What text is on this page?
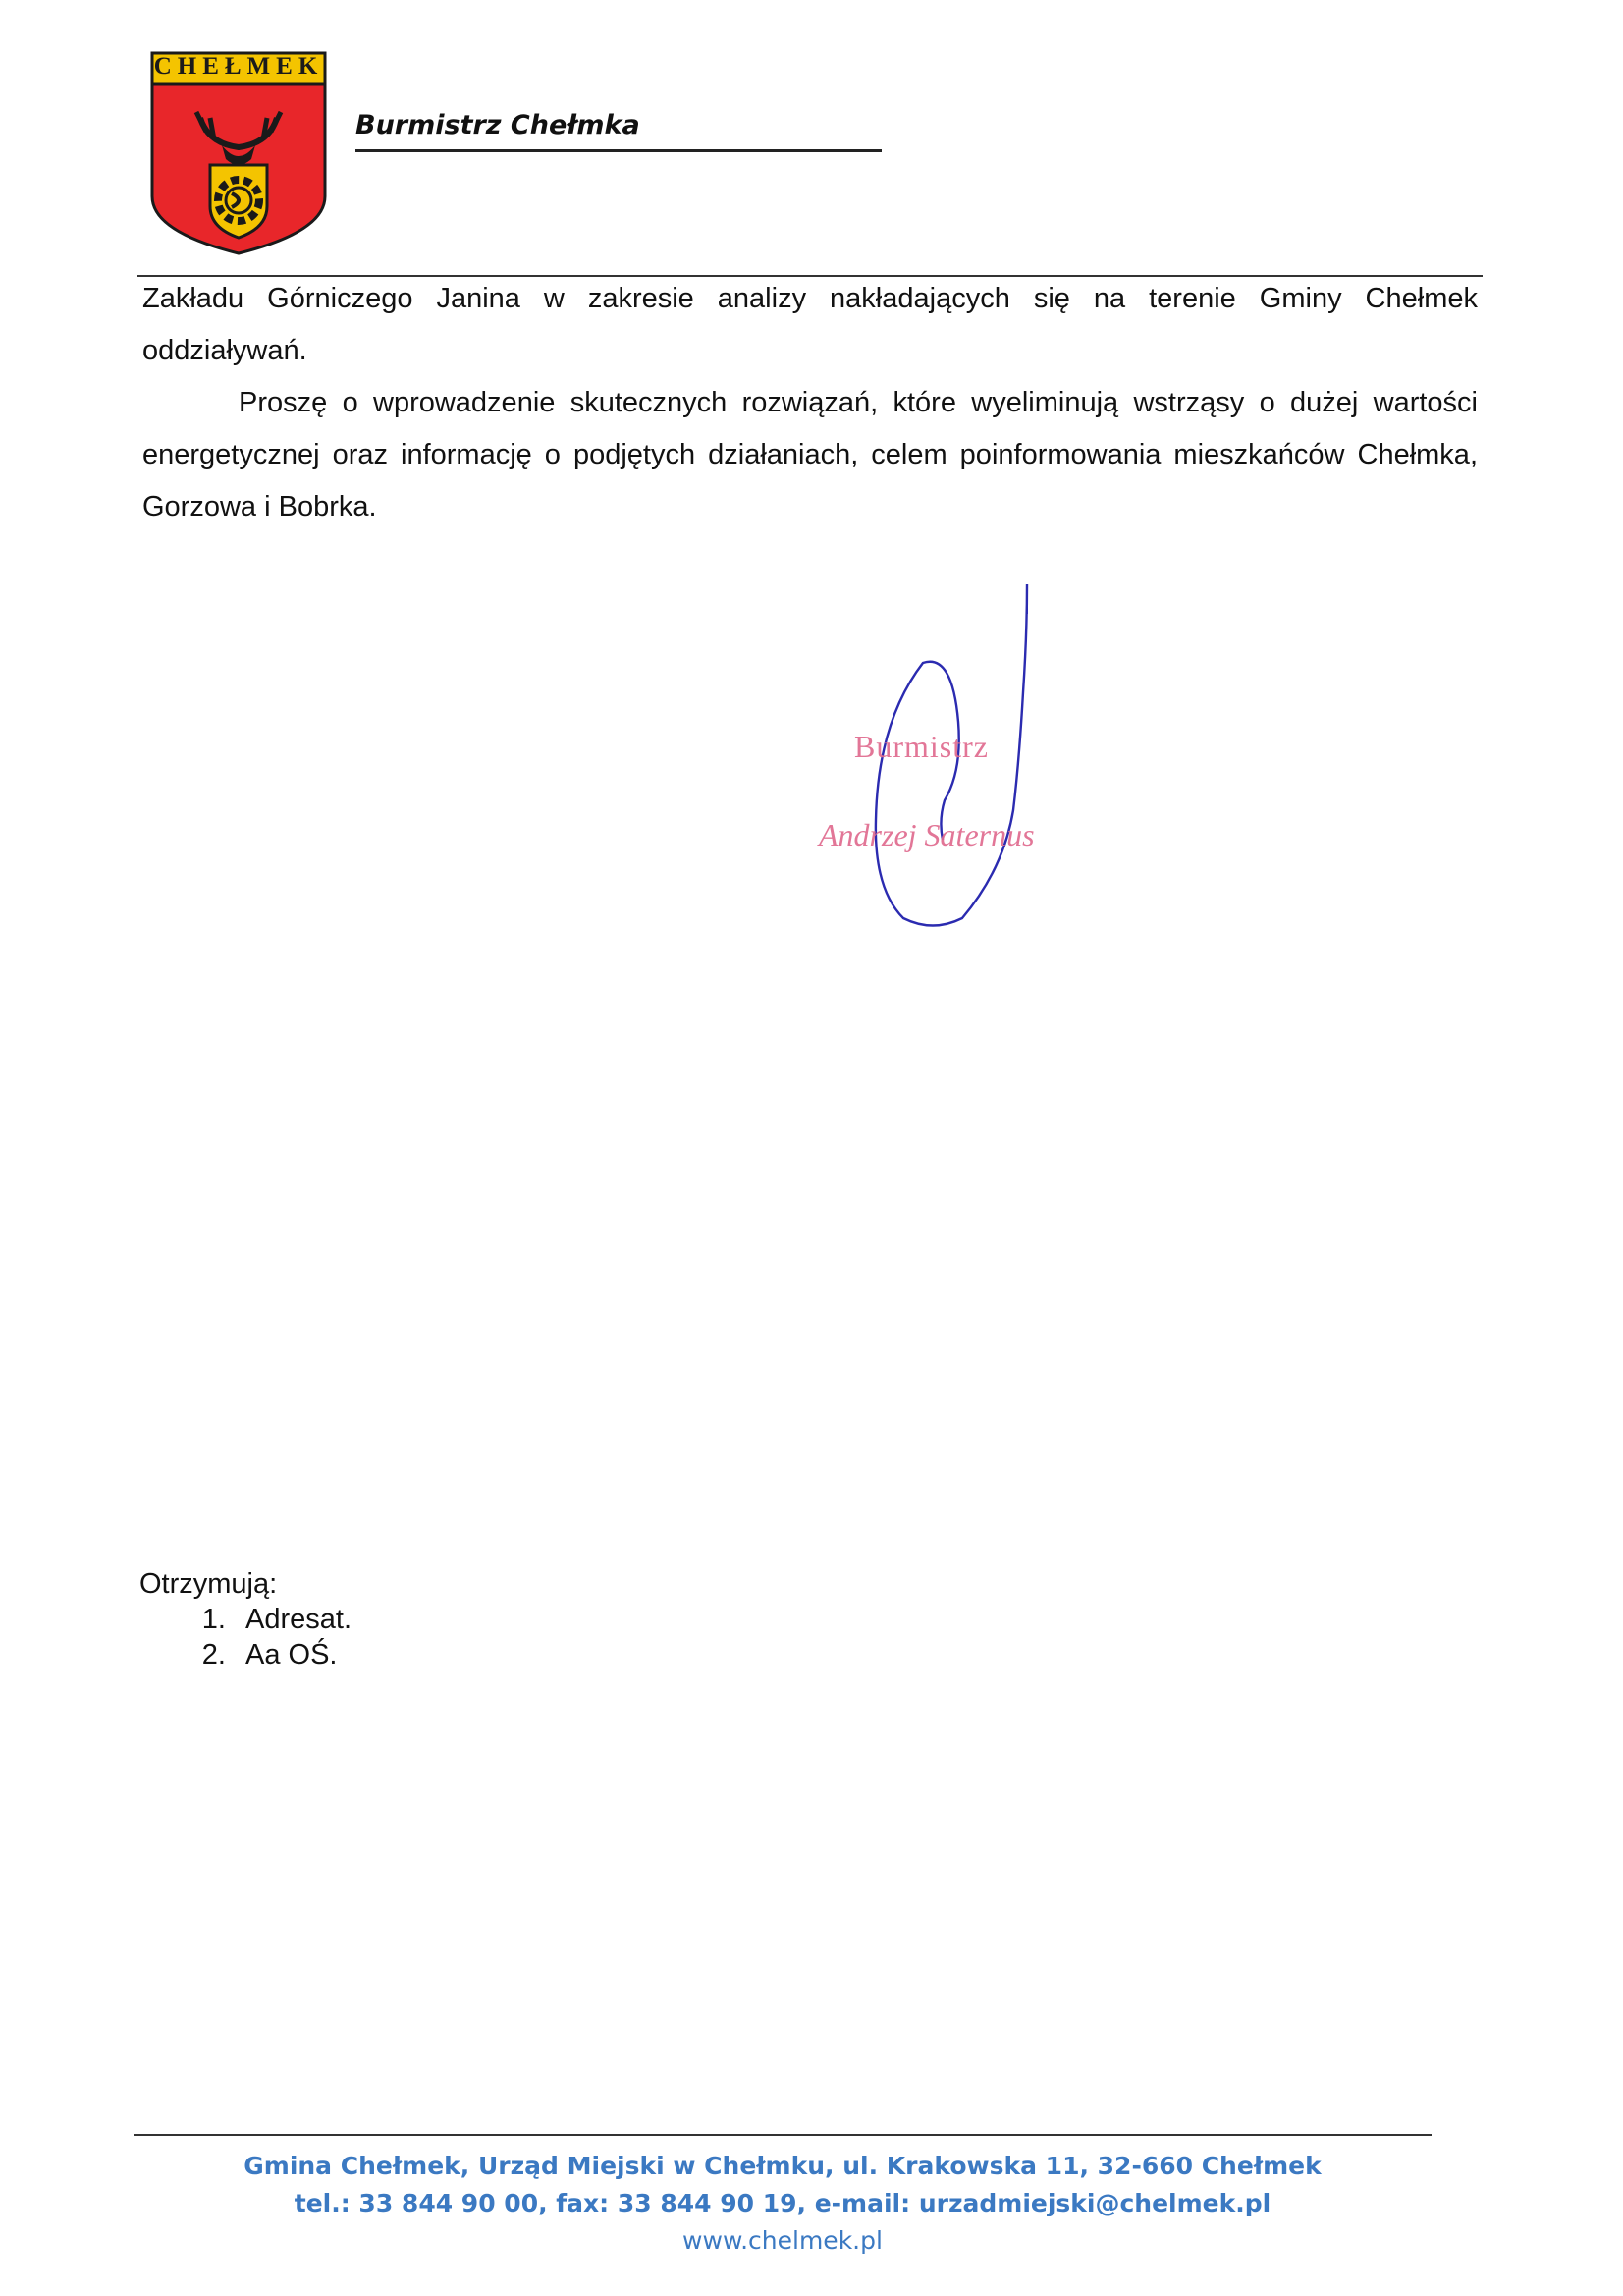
CHEŁMEK
Burmistrz Chełmka

Zakładu Górniczego Janina w zakresie analizy nakładających się na terenie Gminy Chełmek oddziaływań.

Proszę o wprowadzenie skutecznych rozwiązań, które wyeliminują wstrząsy o dużej wartości energetycznej oraz informację o podjętych działaniach, celem poinformowania mieszkańców Chełmka, Gorzowa i Bobrka.

Burmistrz
Andrzej Saternus
Otrzymują:
1. Adresat.
2. Aa OŚ.
Gmina Chełmek, Urząd Miejski w Chełmku, ul. Krakowska 11, 32-660 Chełmek
tel.: 33 844 90 00, fax: 33 844 90 19, e-mail: urzadmiejski@chelmek.pl
www.chelmek.pl
